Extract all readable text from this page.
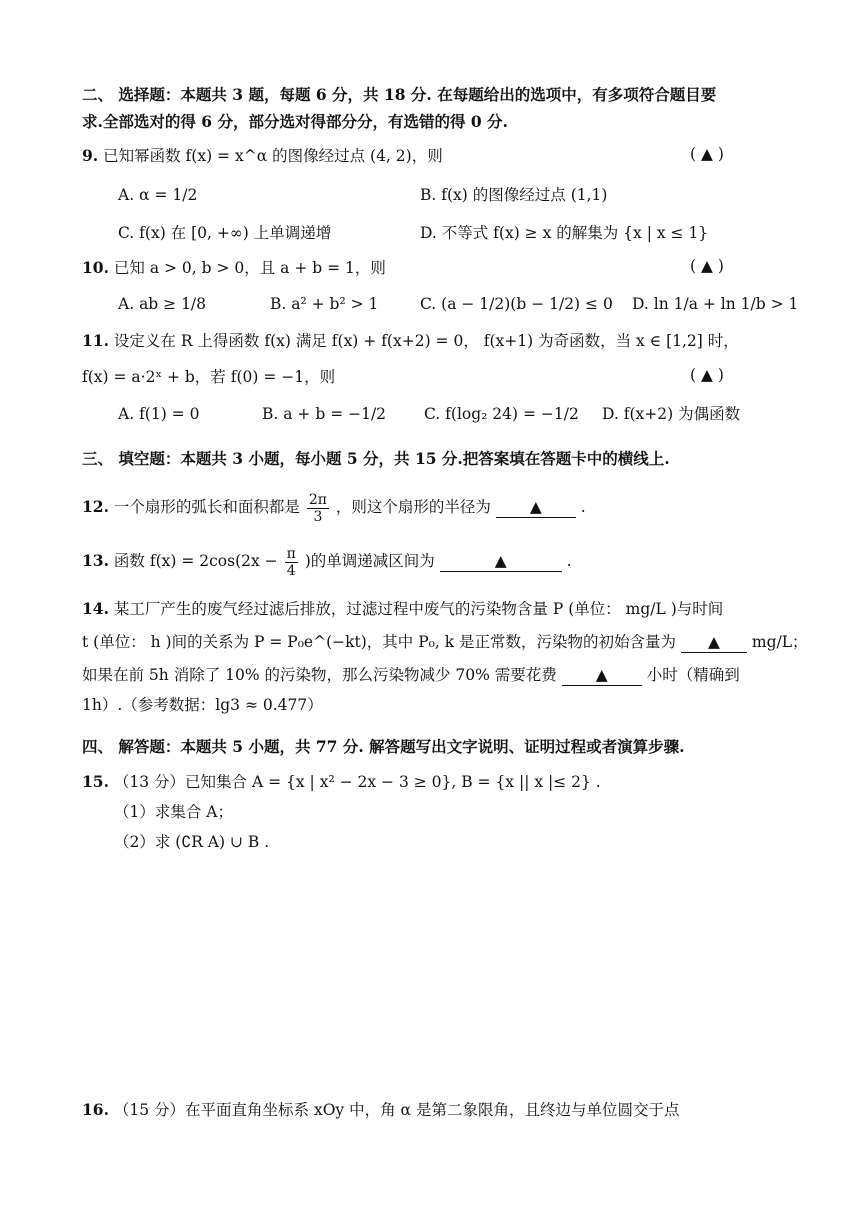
二、 选择题：本题共 3 题，每题 6 分，共 18 分. 在每题给出的选项中，有多项符合题目要
求.全部选对的得 6 分，部分选对得部分分，有选错的得 0 分.
9. 已知幂函数 f(x) = x^α 的图像经过点 (4, 2)，则	( ▲ )
A. α = 1/2	B. f(x) 的图像经过点 (1,1)
C. f(x) 在 [0, +∞) 上单调递增	D. 不等式 f(x) ≥ x 的解集为 {x | x ≤ 1}
10. 已知 a > 0, b > 0，且 a + b = 1，则	( ▲ )
A. ab ≥ 1/8	B. a² + b² > 1	C. (a − 1/2)(b − 1/2) ≤ 0 D. ln 1/a + ln 1/b > 1
11. 设定义在 R 上得函数 f(x) 满足 f(x) + f(x+2) = 0， f(x+1) 为奇函数，当 x ∈ [1,2] 时，
f(x) = a·2ˣ + b，若 f(0) = −1，则	( ▲ )
A. f(1) = 0	B. a + b = −1/2 C. f(log₂ 24) = −1/2 D. f(x+2) 为偶函数
三、 填空题：本题共 3 小题，每小题 5 分，共 15 分.把答案填在答题卡中的横线上.
12. 一个扇形的弧长和面积都是 $\frac{2\pi}{3}$ ，则这个扇形的半径为	▲	.
13. 函数 $f(x) = 2\cos(2x - \frac{\pi}{4}$ )的单调递减区间为	▲	.
14. 某工厂产生的废气经过滤后排放，过滤过程中废气的污染物含量 P (单位： mg/L )与时间
t (单位： h )间的关系为 P = P₀e^(−kt)，其中 P₀, k 是正常数，污染物的初始含量为 ▲ mg/L；
如果在前 5h 消除了 10% 的污染物，那么污染物减少 70% 需要花费	▲	小时（精确到
1h）.（参考数据：lg3 ≈ 0.477）
四、 解答题：本题共 5 小题，共 77 分. 解答题写出文字说明、证明过程或者演算步骤.
15. （13 分）已知集合 A = {x | x² − 2x − 3 ≥ 0}, B = {x || x |≤ 2} .
（1）求集合 A；
（2）求 (∁R A) ∪ B .
16. （15 分）在平面直角坐标系 xOy 中，角 α 是第二象限角，且终边与单位圆交于点
